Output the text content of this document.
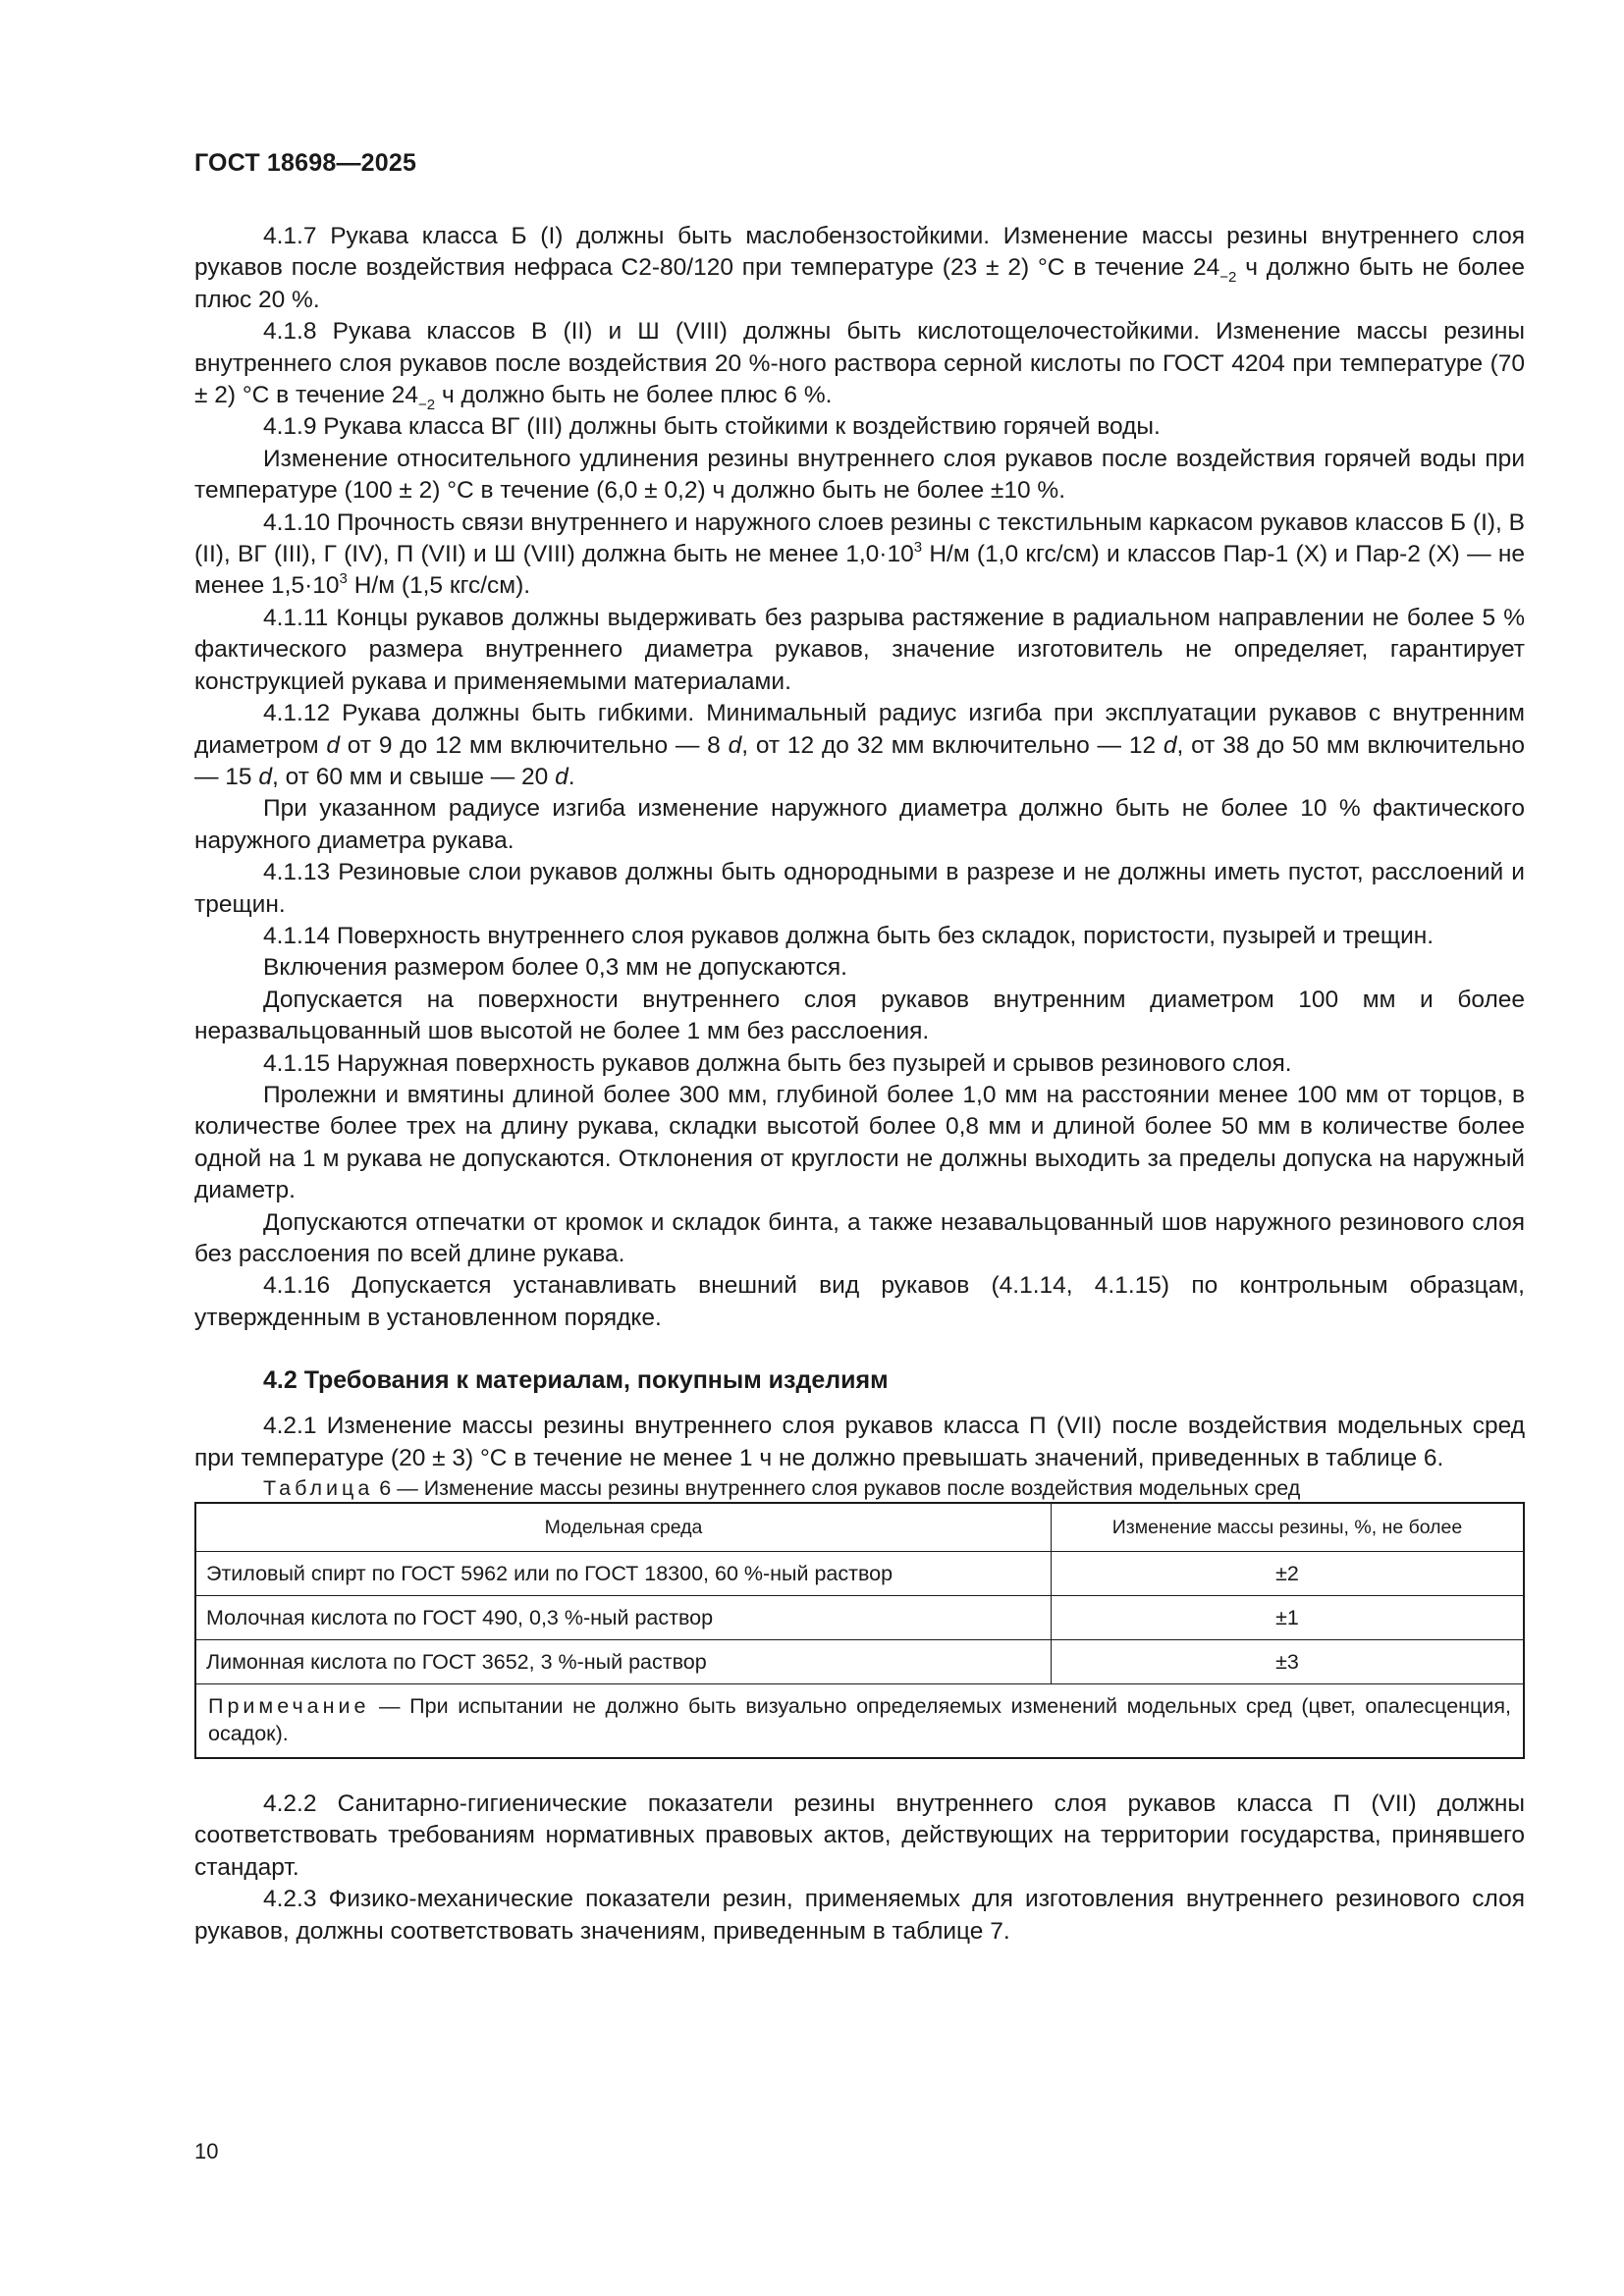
ГОСТ 18698—2025

4.1.7 Рукава класса Б (I) должны быть маслобензостойкими. Изменение массы резины внутреннего слоя рукавов после воздействия нефраса С2-80/120 при температуре (23 ± 2) °С в течение $24_{-2}$ ч должно быть не более плюс 20 %.

4.1.8 Рукава классов В (II) и Ш (VIII) должны быть кислотощелочестойкими. Изменение массы резины внутреннего слоя рукавов после воздействия 20 %-ного раствора серной кислоты по ГОСТ 4204 при температуре (70 ± 2) °С в течение $24_{-2}$ ч должно быть не более плюс 6 %.

4.1.9 Рукава класса ВГ (III) должны быть стойкими к воздействию горячей воды.

Изменение относительного удлинения резины внутреннего слоя рукавов после воздействия горячей воды при температуре (100 ± 2) °С в течение (6,0 ± 0,2) ч должно быть не более ±10 %.

4.1.10 Прочность связи внутреннего и наружного слоев резины с текстильным каркасом рукавов классов Б (I), В (II), ВГ (III), Г (IV), П (VII) и Ш (VIII) должна быть не менее $1,0\cdot 10^3$ Н/м (1,0 кгс/см) и классов Пар-1 (X) и Пар-2 (X) — не менее $1,5\cdot 10^3$ Н/м (1,5 кгс/см).

4.1.11 Концы рукавов должны выдерживать без разрыва растяжение в радиальном направлении не более 5 % фактического размера внутреннего диаметра рукавов, значение изготовитель не определяет, гарантирует конструкцией рукава и применяемыми материалами.

4.1.12 Рукава должны быть гибкими. Минимальный радиус изгиба при эксплуатации рукавов с внутренним диаметром d от 9 до 12 мм включительно — 8 d, от 12 до 32 мм включительно — 12 d, от 38 до 50 мм включительно — 15 d, от 60 мм и свыше — 20 d.

При указанном радиусе изгиба изменение наружного диаметра должно быть не более 10 % фактического наружного диаметра рукава.

4.1.13 Резиновые слои рукавов должны быть однородными в разрезе и не должны иметь пустот, расслоений и трещин.

4.1.14 Поверхность внутреннего слоя рукавов должна быть без складок, пористости, пузырей и трещин.

Включения размером более 0,3 мм не допускаются.

Допускается на поверхности внутреннего слоя рукавов внутренним диаметром 100 мм и более неразвальцованный шов высотой не более 1 мм без расслоения.

4.1.15 Наружная поверхность рукавов должна быть без пузырей и срывов резинового слоя.

Пролежни и вмятины длиной более 300 мм, глубиной более 1,0 мм на расстоянии менее 100 мм от торцов, в количестве более трех на длину рукава, складки высотой более 0,8 мм и длиной более 50 мм в количестве более одной на 1 м рукава не допускаются. Отклонения от круглости не должны выходить за пределы допуска на наружный диаметр.

Допускаются отпечатки от кромок и складок бинта, а также незавальцованный шов наружного резинового слоя без расслоения по всей длине рукава.

4.1.16 Допускается устанавливать внешний вид рукавов (4.1.14, 4.1.15) по контрольным образцам, утвержденным в установленном порядке.

4.2 Требования к материалам, покупным изделиям

4.2.1 Изменение массы резины внутреннего слоя рукавов класса П (VII) после воздействия модельных сред при температуре (20 ± 3) °С в течение не менее 1 ч не должно превышать значений, приведенных в таблице 6.

Таблица 6 — Изменение массы резины внутреннего слоя рукавов после воздействия модельных сред

Модельная среда	Изменение массы резины, %, не более
Этиловый спирт по ГОСТ 5962 или по ГОСТ 18300, 60 %-ный раствор	±2
Молочная кислота по ГОСТ 490, 0,3 %-ный раствор	±1
Лимонная кислота по ГОСТ 3652, 3 %-ный раствор	±3
Примечание — При испытании не должно быть визуально определяемых изменений модельных сред (цвет, опалесценция, осадок).	

4.2.2 Санитарно-гигиенические показатели резины внутреннего слоя рукавов класса П (VII) должны соответствовать требованиям нормативных правовых актов, действующих на территории государства, принявшего стандарт.

4.2.3 Физико-механические показатели резин, применяемых для изготовления внутреннего резинового слоя рукавов, должны соответствовать значениям, приведенным в таблице 7.

10
